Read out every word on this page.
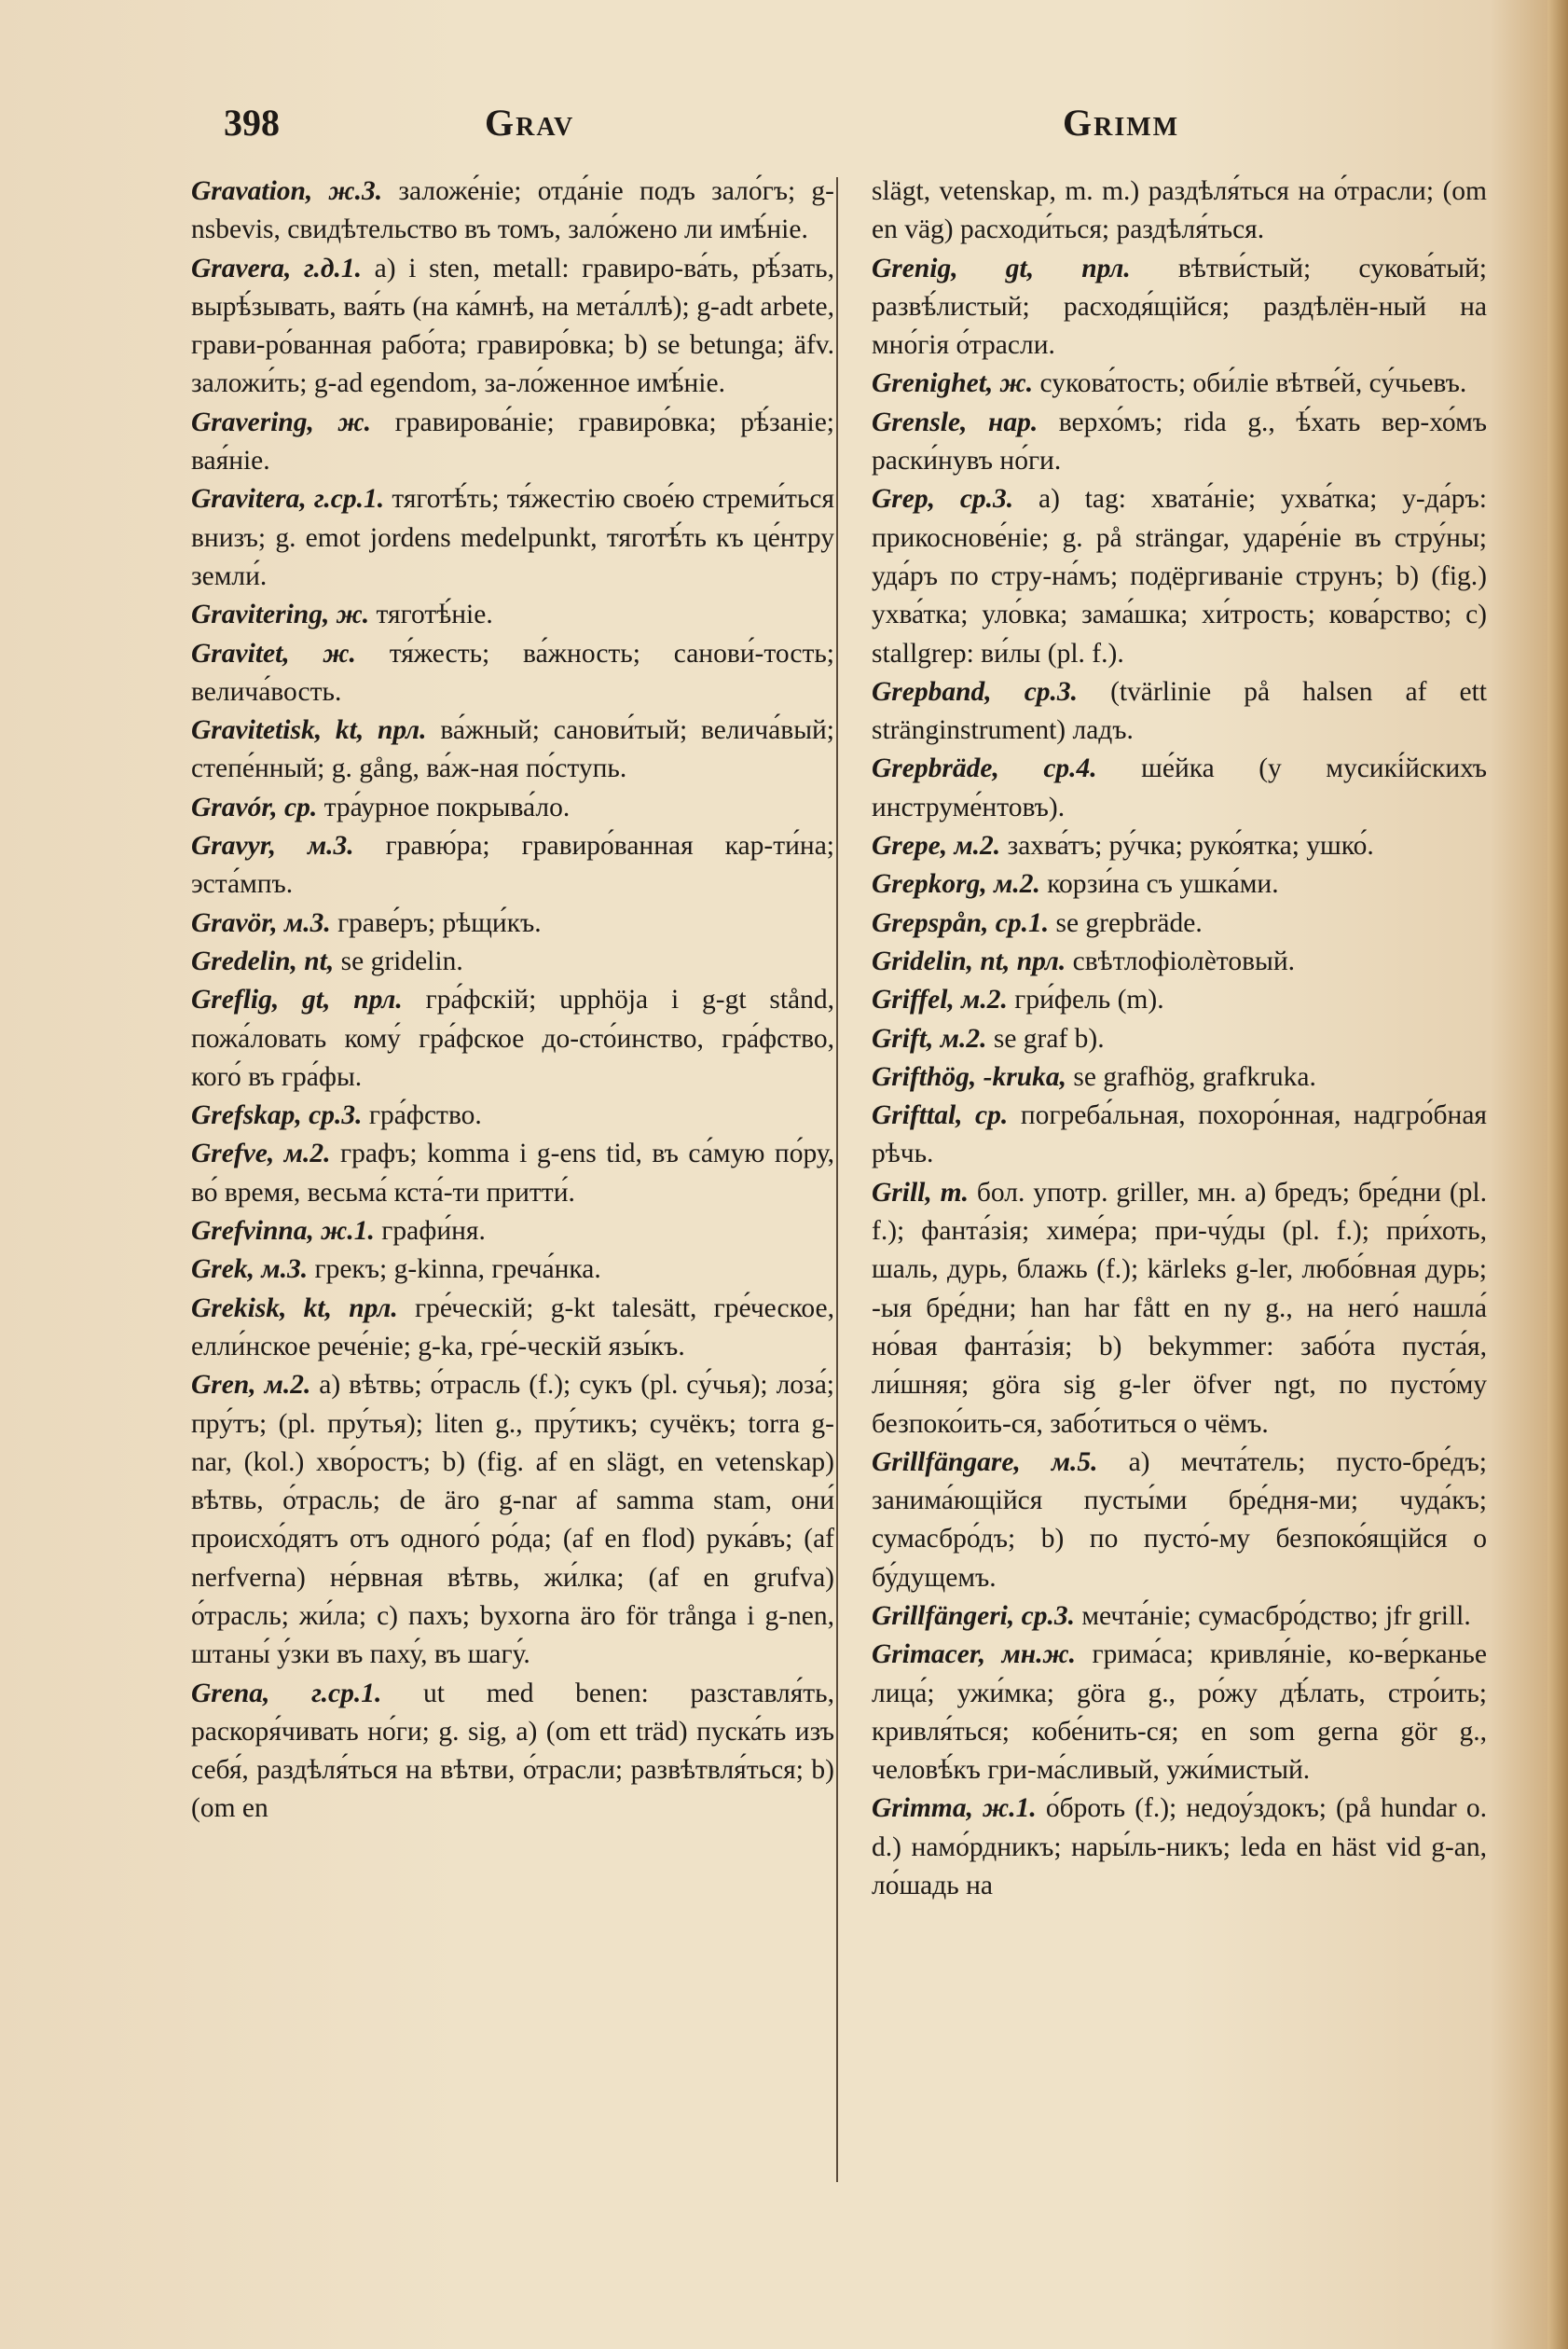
398	Grav	Grimm

Gravation, ж.3. заложе́ніе; отда́ніе подъ зало́гъ; g-nsbevis, свидѣтельство въ томъ, зало́жено ли имѣ́ніе.

Gravera, г.д.1. a) i sten, metall: гравиро-ва́ть, рѣ́зать, вырѣ́зывать, вая́ть (на ка́мнѣ, на мета́ллѣ); g-adt arbete, грави-ро́ванная рабо́та; гравиро́вка; b) se betunga; äfv. заложи́ть; g-ad egendom, за-ло́женное имѣ́ніе.

Gravering, ж. гравирова́ніе; гравиро́вка; рѣ́заніе; вая́ніе.

Gravitera, г.ср.1. тяготѣ́ть; тя́жестію свое́ю стреми́ться внизъ; g. emot jordens medelpunkt, тяготѣ́ть къ це́нтру земли́.

Gravitering, ж. тяготѣ́ніе.

Gravitet, ж. тя́жесть; ва́жность; санови́-тость; велича́вость.

Gravitetisk, kt, прл. ва́жный; санови́тый; велича́вый; степе́нный; g. gång, ва́ж-ная по́ступь.

Gravór, ср. тра́урное покрыва́ло.

Gravyr, м.3. гравю́ра; гравиро́ванная кар-ти́на; эста́мпъ.

Gravör, м.3. граве́ръ; рѣщи́къ.

Gredelin, nt, se gridelin.

Greflig, gt, прл. гра́фскій; upphöja i g-gt stånd, пожа́ловать кому́ гра́фское до-сто́инство, гра́фство, кого́ въ гра́фы.

Grefskap, ср.3. гра́фство.

Grefve, м.2. графъ; komma i g-ens tid, въ са́мую по́ру, во́ время, весьма́ кста́-ти притти́.

Grefvinna, ж.1. графи́ня.

Grek, м.3. грекъ; g-kinna, греча́нка.

Grekisk, kt, прл. гре́ческій; g-kt talesätt, гре́ческое, елли́нское рече́ніе; g-ka, гре́-ческій язы́къ.

Gren, м.2. a) вѣтвь; о́трасль (f.); сукъ (pl. су́чья); лоза́; пру́тъ; (pl. пру́тья); liten g., пру́тикъ; сучёкъ; torra g-nar, (kol.) хво́ростъ; b) (fig. af en slägt, en vetenskap) вѣтвь, о́трасль; de äro g-nar af samma stam, они́ происхо́дятъ отъ одного́ ро́да; (af en flod) рука́въ; (af nerfverna) не́рвная вѣтвь, жи́лка; (af en grufva) о́трасль; жи́ла; c) пахъ; byxorna äro för trånga i g-nen, штаны́ у́зки въ паху́, въ шагу́.

Grena, г.ср.1. ut med benen: разставля́ть, раскоря́чивать но́ги; g. sig, a) (om ett träd) пуска́ть изъ себя́, раздѣля́ться на вѣтви, о́трасли; развѣтвля́ться; b) (om en

slägt, vetenskap, m. m.) раздѣля́ться на о́трасли; (om en väg) расходи́ться; раздѣля́ться.

Grenig, gt, прл. вѣтви́стый; сукова́тый; развѣ́листый; расходя́щійся; раздѣлён-ный на мно́гія о́трасли.

Grenighet, ж. сукова́тость; оби́ліе вѣтве́й, су́чьевъ.

Grensle, нар. верхо́мъ; rida g., ѣ́хать вер-хо́мъ раски́нувъ но́ги.

Grep, ср.3. a) tag: хвата́ніе; ухва́тка; у-да́ръ: прикоснове́ніе; g. på strängar, ударе́ніе въ стру́ны; уда́ръ по стру-на́мъ; подёргиваніе струнъ; b) (fig.) ухва́тка; уло́вка; зама́шка; хи́трость; кова́рство; c) stallgrep: ви́лы (pl. f.).

Grepband, ср.3. (tvärlinie på halsen af ett stränginstrument) ладъ.

Grepbräde, ср.4. ше́йка (у мусикі́йскихъ инструме́нтовъ).

Grepe, м.2. захва́тъ; ру́чка; руко́ятка; ушко́.

Grepkorg, м.2. корзи́на съ ушка́ми.

Grepspån, ср.1. se grepbräde.

Gridelin, nt, прл. свѣтлофіолѐтовый.

Griffel, м.2. гри́фель (m).

Grift, м.2. se graf b).

Grifthög, -kruka, se grafhög, grafkruka.

Grifttal, ср. погреба́льная, похоро́нная, надгро́бная рѣчь.

Grill, m. бол. употр. griller, мн. a) бредъ; бре́дни (pl. f.); фанта́зія; химе́ра; при-чу́ды (pl. f.); при́хоть, шаль, дурь, блажь (f.); kärleks g-ler, любо́вная дурь; -ыя бре́дни; han har fått en ny g., на него́ нашла́ но́вая фанта́зія; b) bekymmer: забо́та пуста́я, ли́шняя; göra sig g-ler öfver ngt, по пусто́му безпоко́ить-ся, забо́титься о чёмъ.

Grillfängare, м.5. a) мечта́тель; пусто-бре́дъ; занима́ющійся пусты́ми бре́дня-ми; чуда́къ; сумасбро́дъ; b) по пусто́-му безпоко́ящійся о бу́дущемъ.

Grillfängeri, ср.3. мечта́ніе; сумасбро́дство; jfr grill.

Grimacer, мн.ж. грима́са; кривля́ніе, ко-ве́рканье лица́; ужи́мка; göra g., ро́жу дѣ́лать, стро́ить; кривля́ться; кобе́нить-ся; en som gerna gör g., человѣ́къ гри-ма́сливый, ужи́мистый.

Grimma, ж.1. о́броть (f.); недоу́здокъ; (på hundar o. d.) намо́рдникъ; нары́ль-никъ; leda en häst vid g-an, ло́шадь на
